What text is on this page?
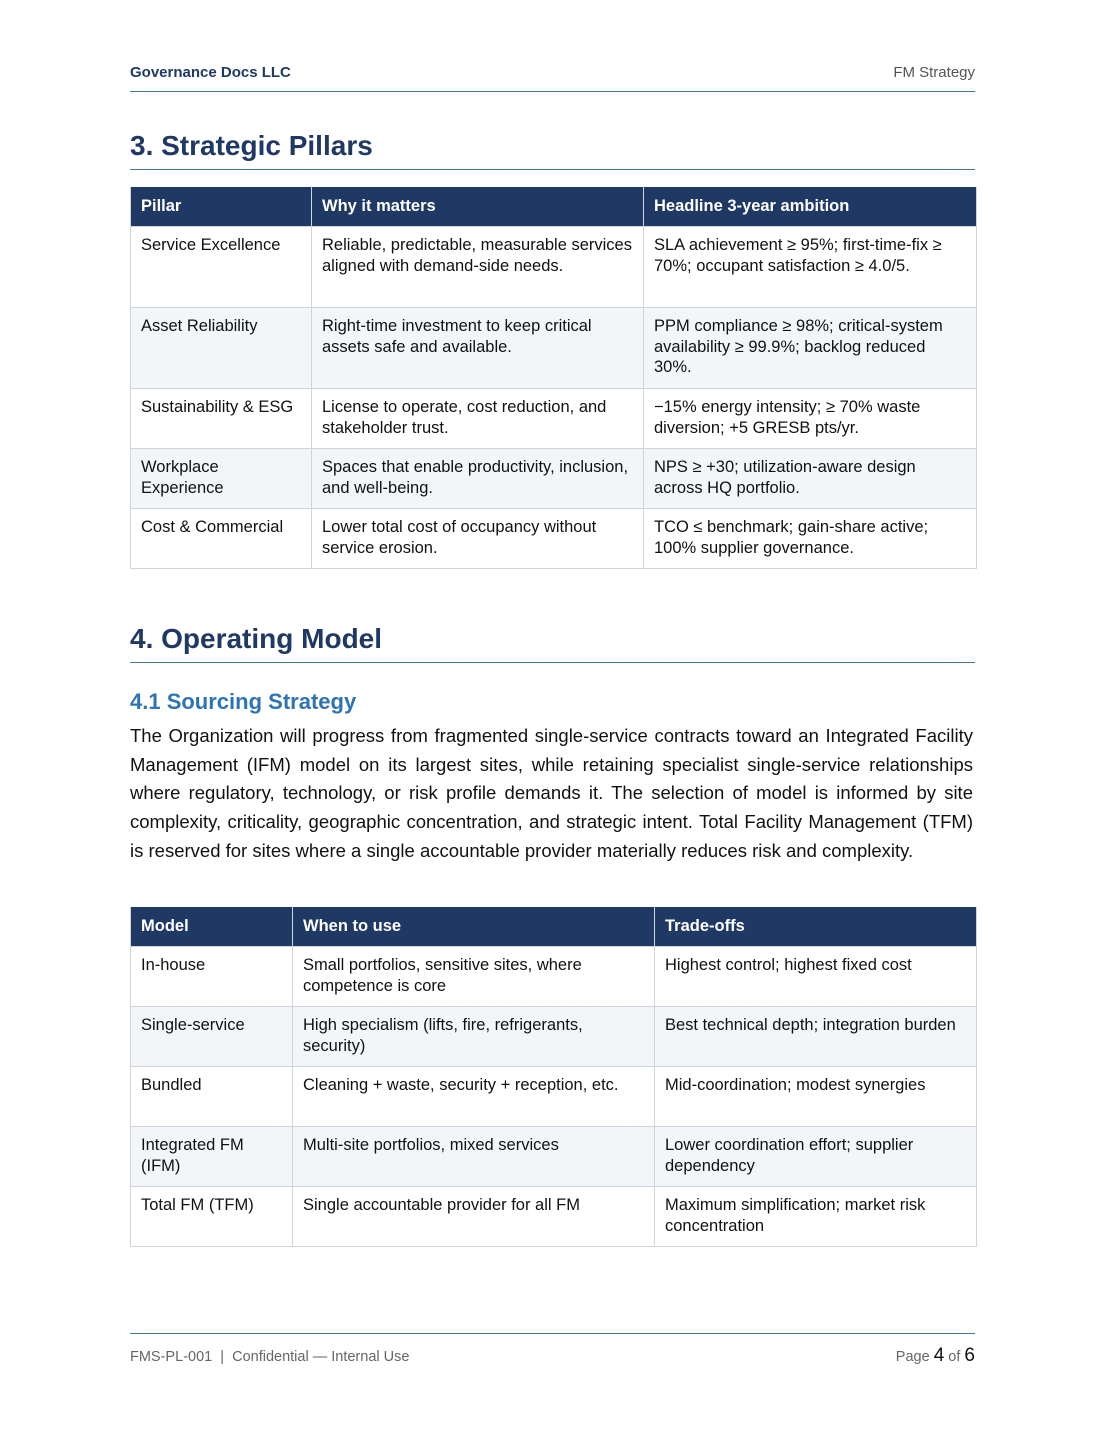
Governance Docs LLC	FM Strategy
3. Strategic Pillars
Pillar	Why it matters	Headline 3-year ambition
Service Excellence	Reliable, predictable, measurable services aligned with demand-side needs.	SLA achievement ≥ 95%; first-time-fix ≥ 70%; occupant satisfaction ≥ 4.0/5.
Asset Reliability	Right-time investment to keep critical assets safe and available.	PPM compliance ≥ 98%; critical-system availability ≥ 99.9%; backlog reduced 30%.
Sustainability & ESG	License to operate, cost reduction, and stakeholder trust.	−15% energy intensity; ≥ 70% waste diversion; +5 GRESB pts/yr.
Workplace Experience	Spaces that enable productivity, inclusion, and well-being.	NPS ≥ +30; utilization-aware design across HQ portfolio.
Cost & Commercial	Lower total cost of occupancy without service erosion.	TCO ≤ benchmark; gain-share active; 100% supplier governance.
4. Operating Model
4.1 Sourcing Strategy

The Organization will progress from fragmented single-service contracts toward an Integrated Facility Management (IFM) model on its largest sites, while retaining specialist single-service relationships where regulatory, technology, or risk profile demands it. The selection of model is informed by site complexity, criticality, geographic concentration, and strategic intent. Total Facility Management (TFM) is reserved for sites where a single accountable provider materially reduces risk and complexity.

Model	When to use	Trade-offs
In-house	Small portfolios, sensitive sites, where competence is core	Highest control; highest fixed cost
Single-service	High specialism (lifts, fire, refrigerants, security)	Best technical depth; integration burden
Bundled	Cleaning + waste, security + reception, etc.	Mid-coordination; modest synergies
Integrated FM (IFM)	Multi-site portfolios, mixed services	Lower coordination effort; supplier dependency
Total FM (TFM)	Single accountable provider for all FM	Maximum simplification; market risk concentration
FMS-PL-001 | Confidential — Internal Use	Page 4 of 6
